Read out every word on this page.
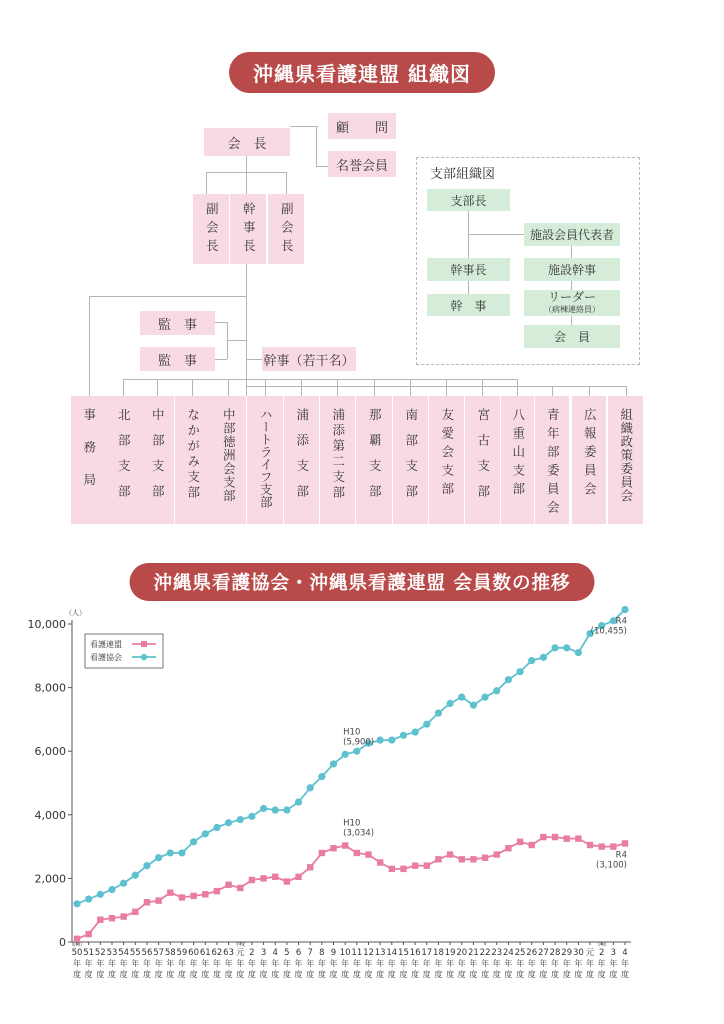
沖縄県看護連盟 組織図
会　長
顧　　問
名誉会員
副会長 幹事長 副会長
監　事
監　事	幹事（若干名）
事務局 北部支部 中部支部 なかがみ支部 中部徳洲会支部 ハートライフ支部 浦添支部 浦添第二支部 那覇支部 南部支部 友愛会支部 宮古支部 八重山支部 青年部委員会 広報委員会 組織政策委員会
支部組織図
支部長
施設会員代表者
幹事長	施設幹事
幹　事
リーダー
（病棟連絡員）
会　員
沖縄県看護協会・沖縄県看護連盟 会員数の推移
（人）
0
2,000
4,000
6,000
8,000
10,000
50
年
度
51
年
度
52
年
度
53
年
度
54
年
度
55
年
度
56
年
度
57
年
度
58
年
度
59
年
度
60
年
度
61
年
度
62
年
度
63
年
度
元
年
度
2
年
度
3
年
度
4
年
度
5
年
度
6
年
度
7
年
度
8
年
度
9
年
度
10
年
度
11
年
度
12
年
度
13
年
度
14
年
度
15
年
度
16
年
度
17
年
度
18
年
度
19
年
度
20
年
度
21
年
度
22
年
度
23
年
度
24
年
度
25
年
度
26
年
度
27
年
度
28
年
度
29
年
度
30
年
度
元
年
度
2
年
度
3
年
度
4
年
度
昭和	平成	令和
H10
(3,034)
R4
(3,100)
H10
(5,900)
R4
(10,455)
看護連盟
看護協会
